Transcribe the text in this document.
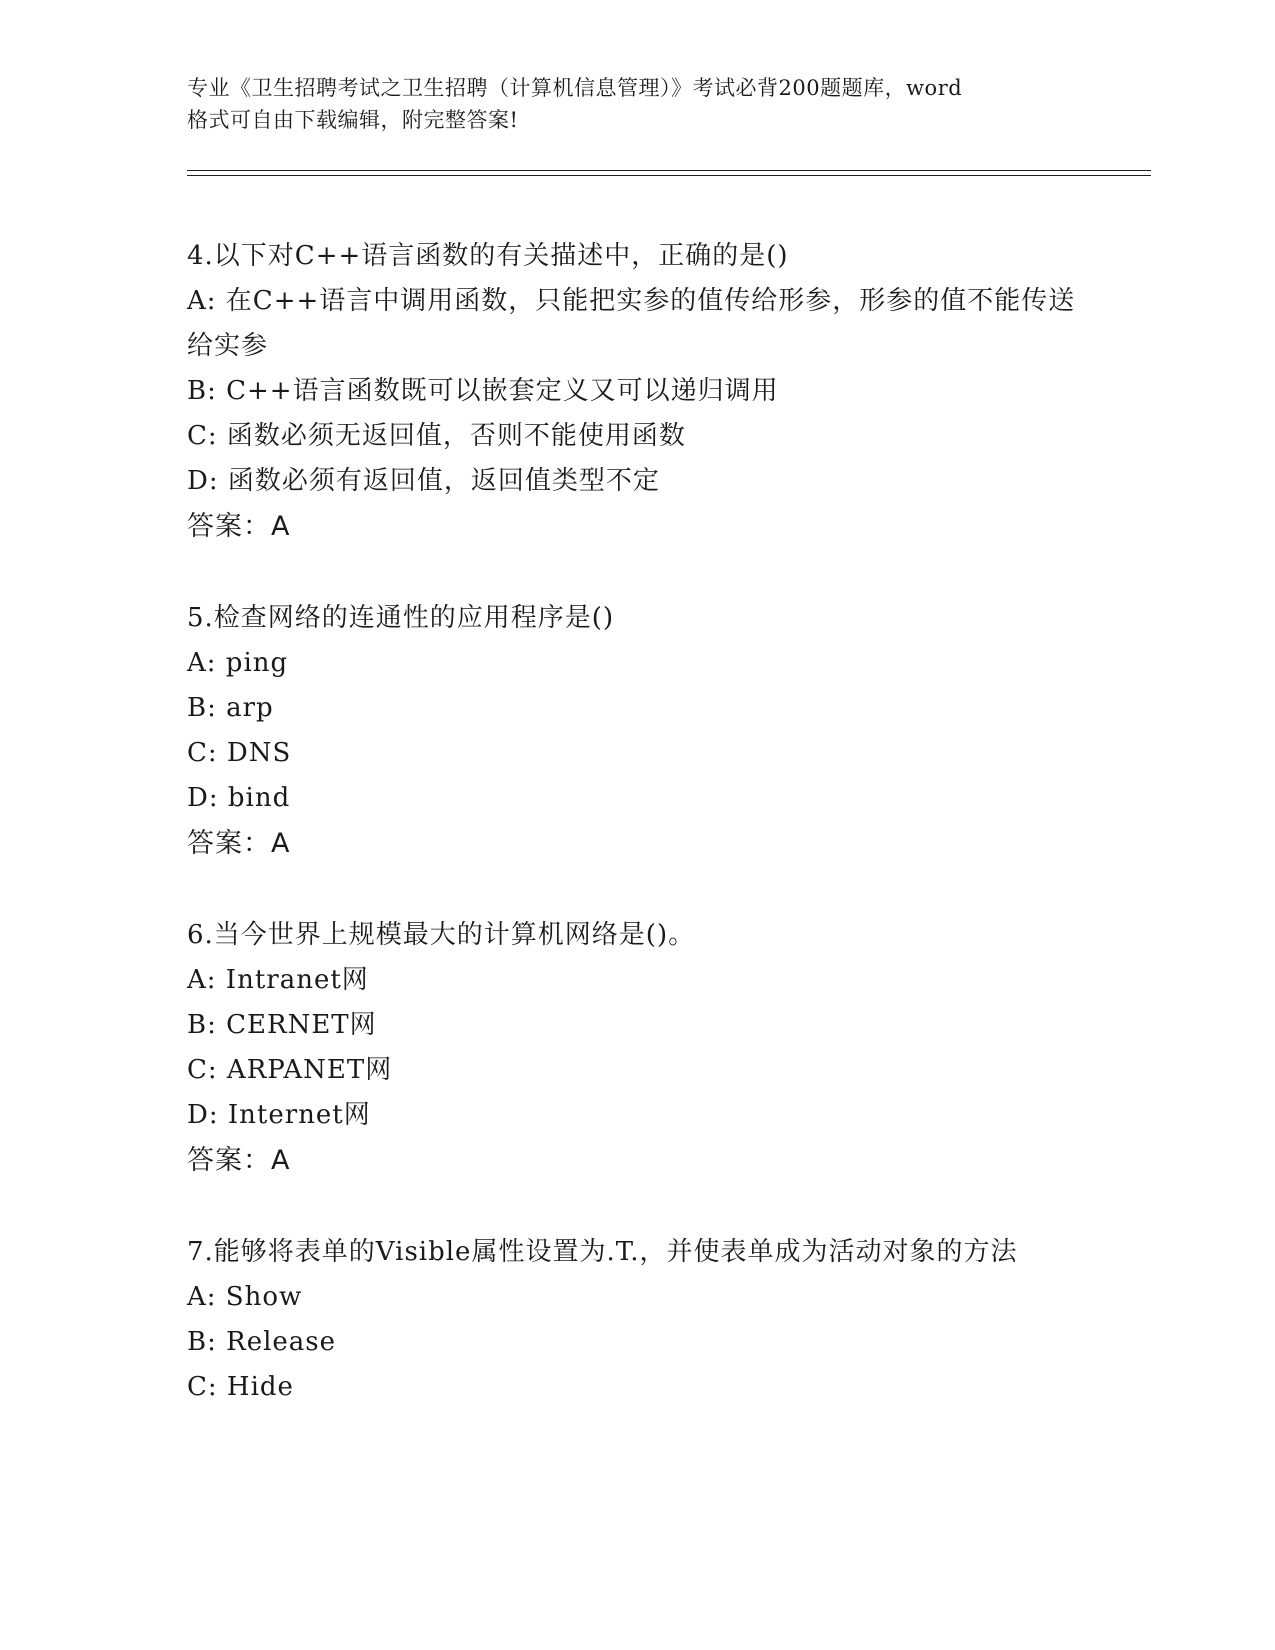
专业《卫生招聘考试之卫生招聘（计算机信息管理）》考试必背200题题库，word
格式可自由下载编辑，附完整答案!
4.以下对C++语言函数的有关描述中，正确的是()
A: 在C++语言中调用函数，只能把实参的值传给形参，形参的值不能传送给实参
B: C++语言函数既可以嵌套定义又可以递归调用
C: 函数必须无返回值，否则不能使用函数
D: 函数必须有返回值，返回值类型不定
答案：A
5.检查网络的连通性的应用程序是()
A: ping
B: arp
C: DNS
D: bind
答案：A
6.当今世界上规模最大的计算机网络是()。
A: Intranet网
B: CERNET网
C: ARPANET网
D: Internet网
答案：A
7.能够将表单的Visible属性设置为.T.，并使表单成为活动对象的方法
A: Show
B: Release
C: Hide
